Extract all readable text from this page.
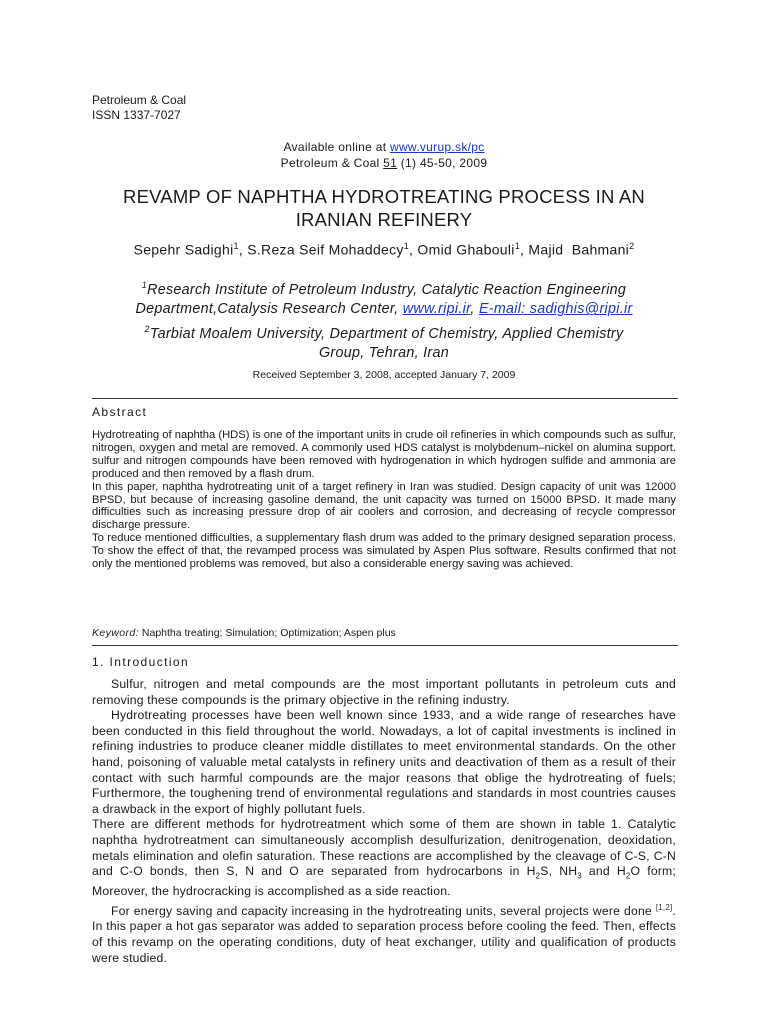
Petroleum & Coal
ISSN 1337-7027
Available online at www.vurup.sk/pc
Petroleum & Coal 51 (1) 45-50, 2009
REVAMP OF NAPHTHA HYDROTREATING PROCESS IN AN
IRANIAN REFINERY
Sepehr Sadighi$^1$, S.Reza Seif Mohaddecy$^1$, Omid Ghabouli$^1$, Majid  Bahmani$^2$
$^1$Research Institute of Petroleum Industry, Catalytic Reaction Engineering
Department,Catalysis Research Center, www.ripi.ir, E-mail: sadighis@ripi.ir
$^2$Tarbiat Moalem University, Department of Chemistry, Applied Chemistry
Group, Tehran, Iran
Received September 3, 2008, accepted January 7, 2009
Abstract

Hydrotreating of naphtha (HDS) is one of the important units in crude oil refineries in which compounds such as sulfur, nitrogen, oxygen and metal are removed. A commonly used HDS catalyst is molybdenum–nickel on alumina support. sulfur and nitrogen compounds have been removed with hydrogenation in which hydrogen sulfide and ammonia are produced and then removed by a flash drum.

In this paper, naphtha hydrotreating unit of a target refinery in Iran was studied. Design capacity of unit was 12000 BPSD, but because of increasing gasoline demand, the unit capacity was turned on 15000 BPSD. It made many difficulties such as increasing pressure drop of air coolers and corrosion, and decreasing of recycle compressor discharge pressure.

To reduce mentioned difficulties, a supplementary flash drum was added to the primary designed separation process. To show the effect of that, the revamped process was simulated by Aspen Plus software. Results confirmed that not only the mentioned problems was removed, but also a considerable energy saving was achieved.

Keyword: Naphtha treating; Simulation; Optimization; Aspen plus
1. Introduction

Sulfur, nitrogen and metal compounds are the most important pollutants in petroleum cuts and removing these compounds is the primary objective in the refining industry.

Hydrotreating processes have been well known since 1933, and a wide range of researches have been conducted in this field throughout the world. Nowadays, a lot of capital investments is inclined in refining industries to produce cleaner middle distillates to meet environmental standards. On the other hand, poisoning of valuable metal catalysts in refinery units and deactivation of them as a result of their contact with such harmful compounds are the major reasons that oblige the hydrotreating of fuels; Furthermore, the toughening trend of environmental regulations and standards in most countries causes a drawback in the export of highly pollutant fuels.

There are different methods for hydrotreatment which some of them are shown in table 1. Catalytic naphtha hydrotreatment can simultaneously accomplish desulfurization, denitrogenation, deoxidation, metals elimination and olefin saturation. These reactions are accomplished by the cleavage of C-S, C-N and C-O bonds, then S, N and O are separated from hydrocarbons in $H_2S$, $NH_3$ and $H_2O$ form; Moreover, the hydrocracking is accomplished as a side reaction.

For energy saving and capacity increasing in the hydrotreating units, several projects were done [1,2]. In this paper a hot gas separator was added to separation process before cooling the feed. Then, effects of this revamp on the operating conditions, duty of heat exchanger, utility and qualification of products were studied.
